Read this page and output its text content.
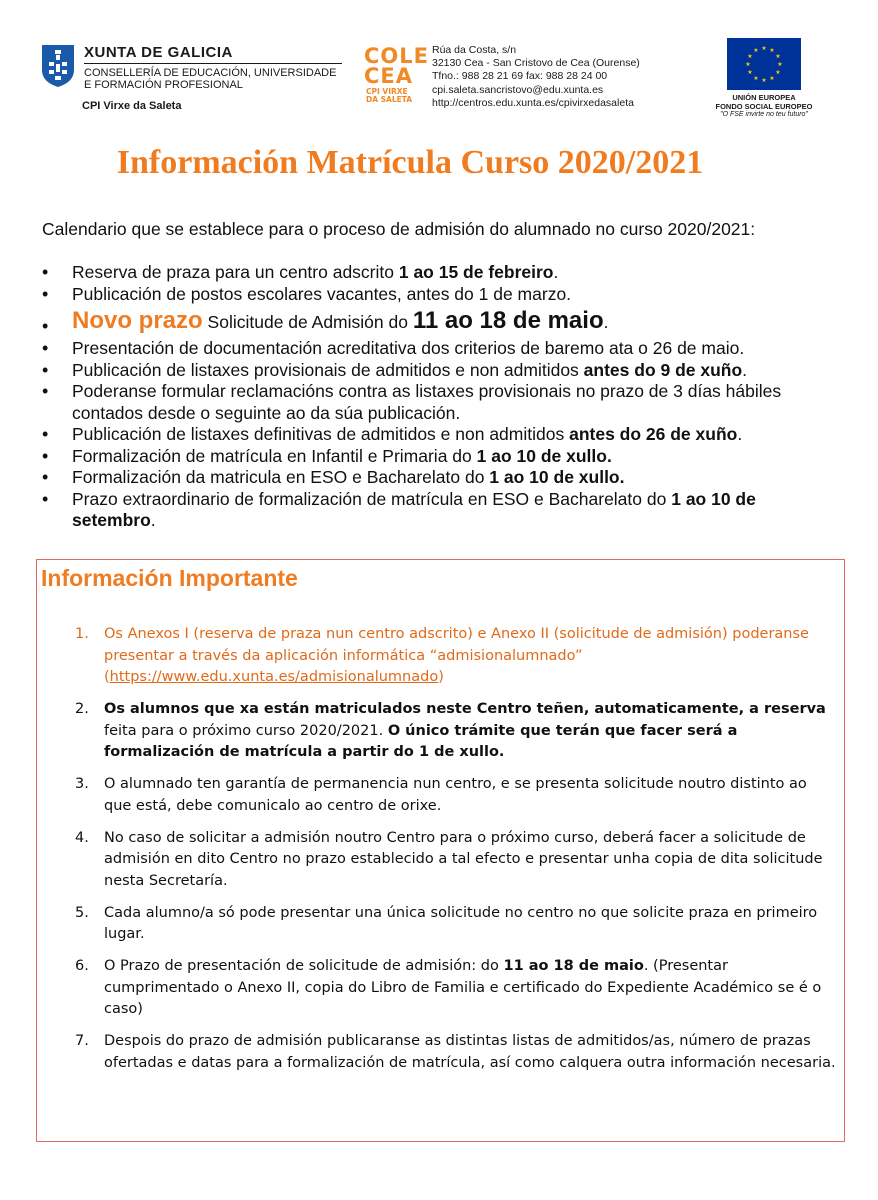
XUNTA DE GALICIA
CONSELLERÍA DE EDUCACIÓN, UNIVERSIDADE
E FORMACIÓN PROFESIONAL
CPI Virxe da Saleta
COLE
CEA
CPI VIRXE
DA SALETA
Rúa da Costa, s/n
32130 Cea - San Cristovo de Cea (Ourense)
Tfno.: 988 28 21 69 fax: 988 28 24 00
cpi.saleta.sancristovo@edu.xunta.es
http://centros.edu.xunta.es/cpivirxedasaleta
★ ★
★
★
★
★
★
★
★
★
★
★
UNIÓN EUROPEA
FONDO SOCIAL EUROPEO
"O FSE invirte no teu futuro"
Información Matrícula Curso 2020/2021
Calendario que se establece para o proceso de admisión do alumnado no curso 2020/2021:
• Reserva de praza para un centro adscrito 1 ao 15 de febreiro.
• Publicación de postos escolares vacantes, antes do 1 de marzo.
• Novo prazo Solicitude de Admisión do 11 ao 18 de maio.
• Presentación de documentación acreditativa dos criterios de baremo ata o 26 de maio.
• Publicación de listaxes provisionais de admitidos e non admitidos antes do 9 de xuño.
• Poderanse formular reclamacións contra as listaxes provisionais no prazo de 3 días hábiles contados desde o seguinte ao da súa publicación.
• Publicación de listaxes definitivas de admitidos e non admitidos antes do 26 de xuño.
• Formalización de matrícula en Infantil e Primaria do 1 ao 10 de xullo.
• Formalización da matricula en ESO e Bacharelato do 1 ao 10 de xullo.
• Prazo extraordinario de formalización de matrícula en ESO e Bacharelato do 1 ao 10 de setembro.
Información Importante
1. Os Anexos I (reserva de praza nun centro adscrito) e Anexo II (solicitude de admisión) poderanse presentar a través da aplicación informática “admisionalumnado” (https://www.edu.xunta.es/admisionalumnado)
2. Os alumnos que xa están matriculados neste Centro teñen, automaticamente, a reserva feita para o próximo curso 2020/2021. O único trámite que terán que facer será a formalización de matrícula a partir do 1 de xullo.
3. O alumnado ten garantía de permanencia nun centro, e se presenta solicitude noutro distinto ao que está, debe comunicalo ao centro de orixe.
4. No caso de solicitar a admisión noutro Centro para o próximo curso, deberá facer a solicitude de admisión en dito Centro no prazo establecido a tal efecto e presentar unha copia de dita solicitude nesta Secretaría.
5. Cada alumno/a só pode presentar una única solicitude no centro no que solicite praza en primeiro lugar.
6. O Prazo de presentación de solicitude de admisión: do 11 ao 18 de maio. (Presentar cumprimentado o Anexo II, copia do Libro de Familia e certificado do Expediente Académico se é o caso)
7. Despois do prazo de admisión publicaranse as distintas listas de admitidos/as, número de prazas ofertadas e datas para a formalización de matrícula, así como calquera outra información necesaria.
